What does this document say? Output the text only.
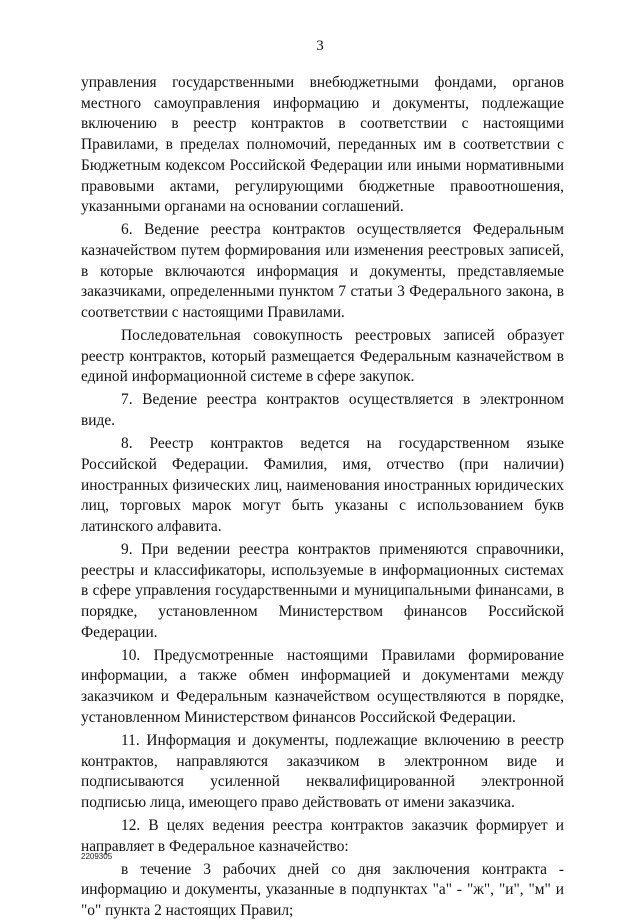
3

управления государственными внебюджетными фондами, органов местного самоуправления информацию и документы, подлежащие включению в реестр контрактов в соответствии с настоящими Правилами, в пределах полномочий, переданных им в соответствии с Бюджетным кодексом Российской Федерации или иными нормативными правовыми актами, регулирующими бюджетные правоотношения, указанными органами на основании соглашений.

6. Ведение реестра контрактов осуществляется Федеральным казначейством путем формирования или изменения реестровых записей, в которые включаются информация и документы, представляемые заказчиками, определенными пунктом 7 статьи 3 Федерального закона, в соответствии с настоящими Правилами.

Последовательная совокупность реестровых записей образует реестр контрактов, который размещается Федеральным казначейством в единой информационной системе в сфере закупок.

7. Ведение реестра контрактов осуществляется в электронном виде.

8. Реестр контрактов ведется на государственном языке Российской Федерации. Фамилия, имя, отчество (при наличии) иностранных физических лиц, наименования иностранных юридических лиц, торговых марок могут быть указаны с использованием букв латинского алфавита.

9. При ведении реестра контрактов применяются справочники, реестры и классификаторы, используемые в информационных системах в сфере управления государственными и муниципальными финансами, в порядке, установленном Министерством финансов Российской Федерации.

10. Предусмотренные настоящими Правилами формирование информации, а также обмен информацией и документами между заказчиком и Федеральным казначейством осуществляются в порядке, установленном Министерством финансов Российской Федерации.

11. Информация и документы, подлежащие включению в реестр контрактов, направляются заказчиком в электронном виде и подписываются усиленной неквалифицированной электронной подписью лица, имеющего право действовать от имени заказчика.

12. В целях ведения реестра контрактов заказчик формирует и направляет в Федеральное казначейство:

в течение 3 рабочих дней со дня заключения контракта - информацию и документы, указанные в подпунктах "а" - "ж", "и", "м" и "о" пункта 2 настоящих Правил;

2209305
